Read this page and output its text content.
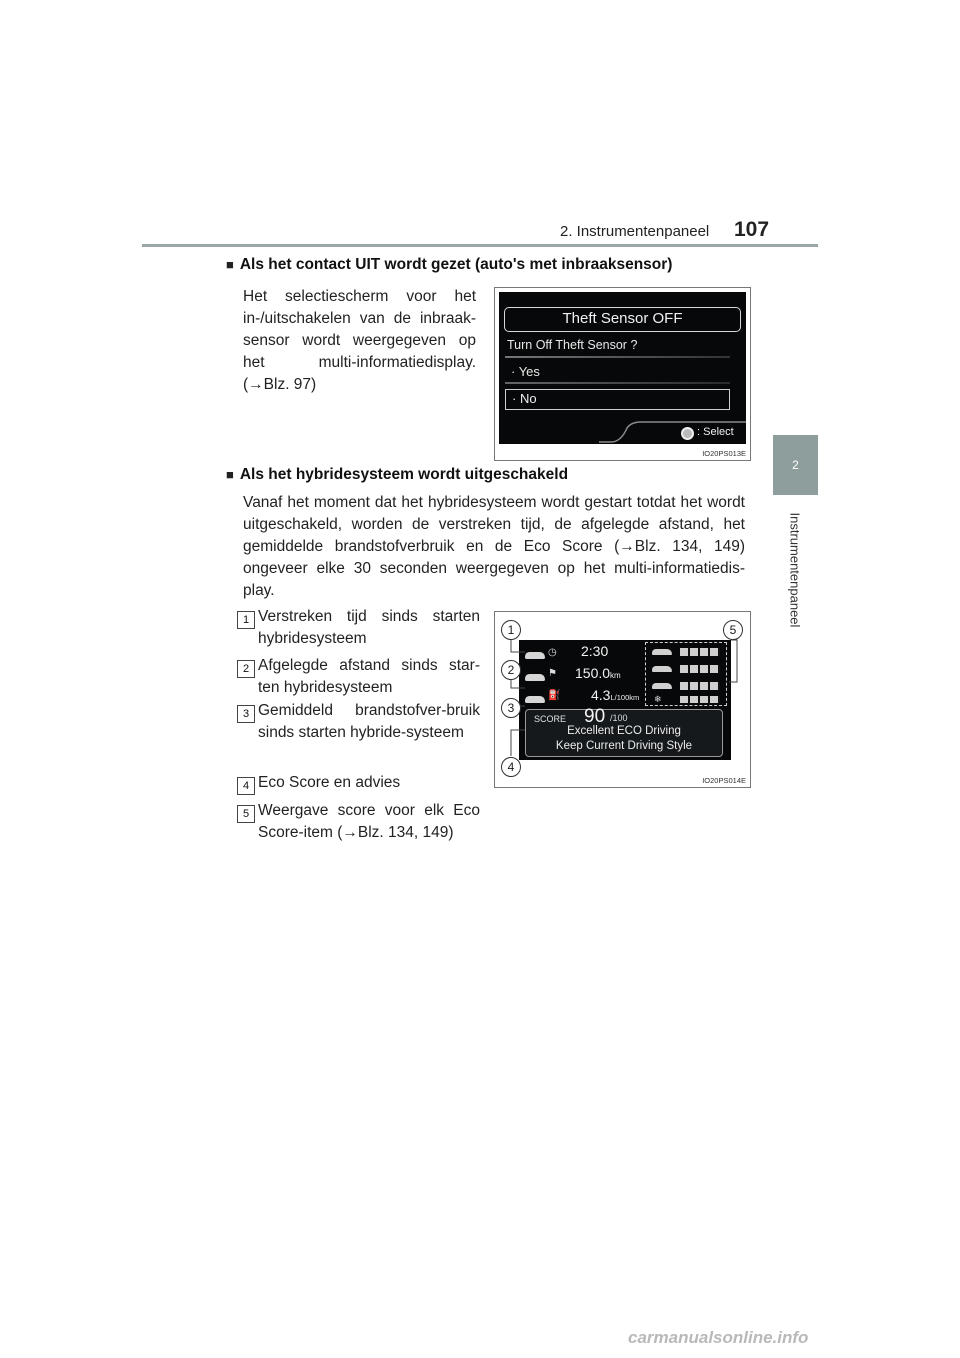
2. Instrumentenpaneel 107
2
Instrumentenpaneel
■ Als het contact UIT wordt gezet (auto's met inbraaksensor)
Het selectiescherm voor het in-/uitschakelen van de inbraak-sensor wordt weergegeven op het multi-informatiedisplay. (→Blz. 97)
Theft Sensor OFF
Turn Off Theft Sensor ?
· Yes
· No
: Select
IO20PS013E
■ Als het hybridesysteem wordt uitgeschakeld
Vanaf het moment dat het hybridesysteem wordt gestart totdat het wordt uitgeschakeld, worden de verstreken tijd, de afgelegde afstand, het gemiddelde brandstofverbruik en de Eco Score (→Blz. 134, 149) ongeveer elke 30 seconden weergegeven op het multi-informatiedis-play.
1 Verstreken tijd sinds starten hybridesysteem
2 Afgelegde afstand sinds star-ten hybridesysteem
3 Gemiddeld brandstofver-bruik sinds starten hybride-systeem
4 Eco Score en advies
5 Weergave score voor elk Eco Score-item (→Blz. 134, 149)
◷ 2:30
⚑ 150.0km
⛽ 4.3L/100km
SCORE 90 /100
Excellent ECO Driving
Keep Current Driving Style
❄
1
2
3
4
5
IO20PS014E
carmanualsonline.info
